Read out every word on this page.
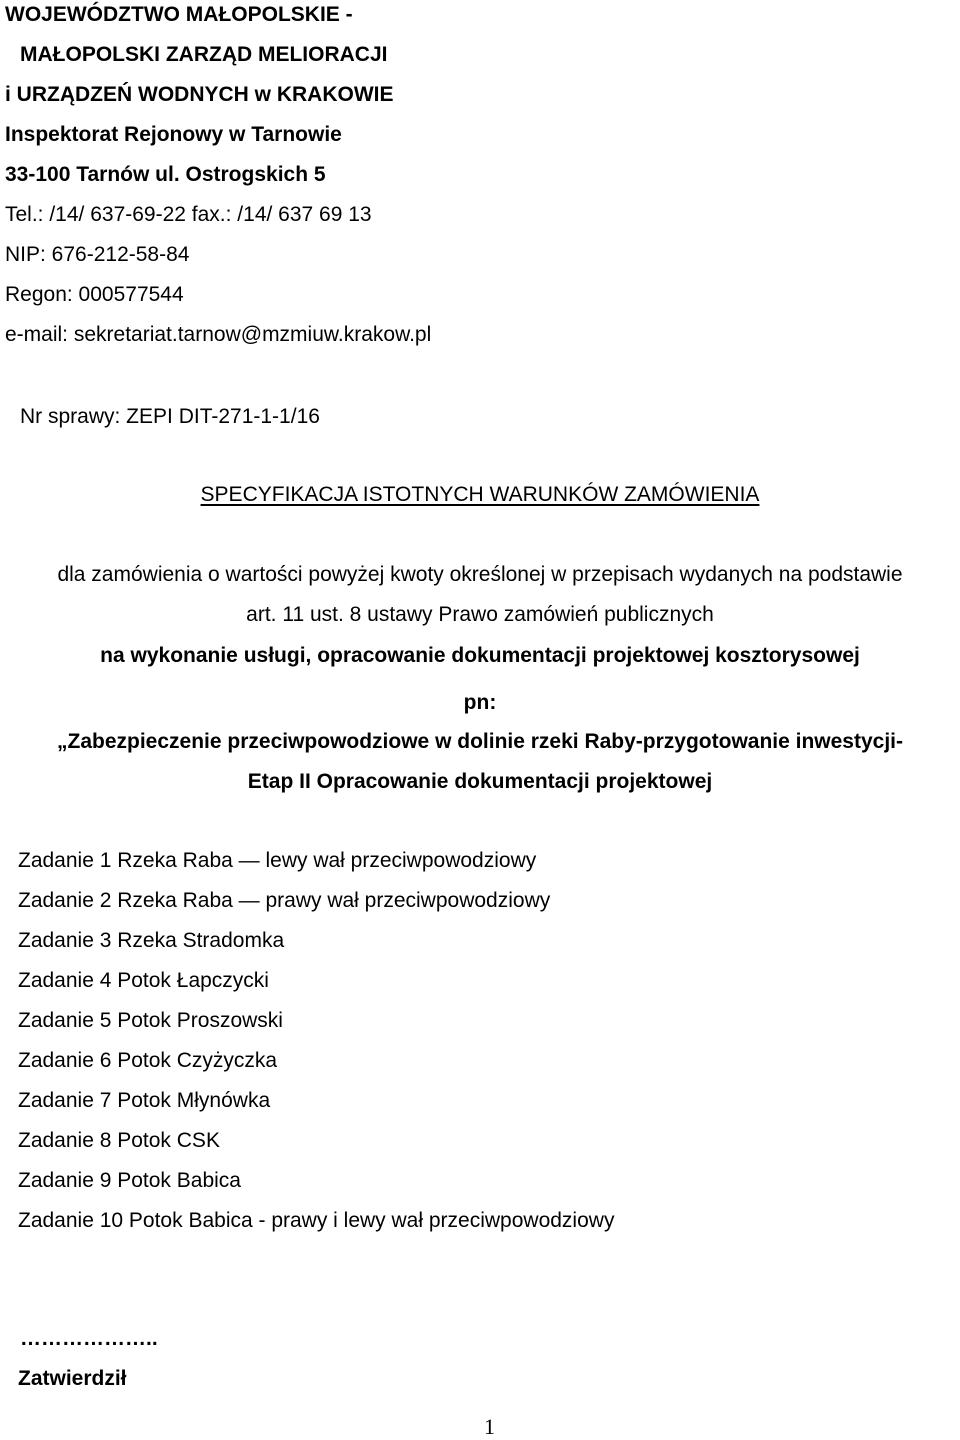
WOJEWÓDZTWO MAŁOPOLSKIE -
MAŁOPOLSKI ZARZĄD MELIORACJI
i URZĄDZEŃ WODNYCH w KRAKOWIE
Inspektorat Rejonowy w Tarnowie
33-100 Tarnów ul. Ostrogskich 5
Tel.: /14/ 637-69-22 fax.: /14/ 637 69 13
NIP: 676-212-58-84
Regon: 000577544
e-mail: sekretariat.tarnow@mzmiuw.krakow.pl
Nr sprawy: ZEPI DIT-271-1-1/16
SPECYFIKACJA ISTOTNYCH WARUNKÓW ZAMÓWIENIA
dla zamówienia o wartości powyżej kwoty określonej w przepisach wydanych na podstawie
art. 11 ust. 8 ustawy Prawo zamówień publicznych
na wykonanie usługi, opracowanie dokumentacji projektowej kosztorysowej
pn:
„Zabezpieczenie przeciwpowodziowe w dolinie rzeki Raby-przygotowanie inwestycji-
Etap II Opracowanie dokumentacji projektowej
Zadanie 1 Rzeka Raba — lewy wał przeciwpowodziowy
Zadanie 2 Rzeka Raba — prawy wał przeciwpowodziowy
Zadanie 3 Rzeka Stradomka
Zadanie 4 Potok Łapczycki
Zadanie 5 Potok Proszowski
Zadanie 6 Potok Czyżyczka
Zadanie 7 Potok Młynówka
Zadanie 8 Potok CSK
Zadanie 9 Potok Babica
Zadanie 10 Potok Babica - prawy i lewy wał przeciwpowodziowy
………………..
Zatwierdził
1
